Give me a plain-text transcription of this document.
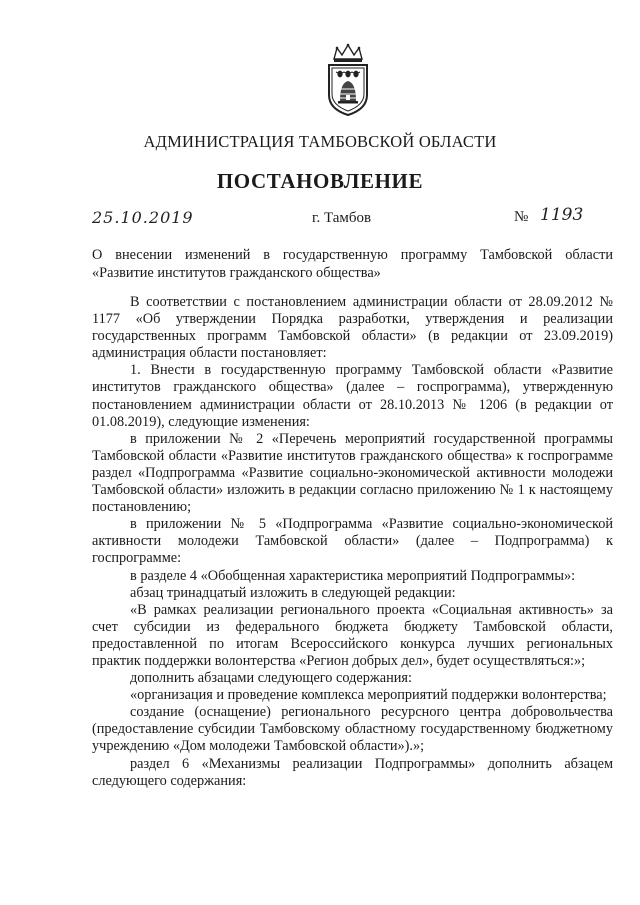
АДМИНИСТРАЦИЯ ТАМБОВСКОЙ ОБЛАСТИ
ПОСТАНОВЛЕНИЕ
25.10.2019	г. Тамбов	№ 1193
О внесении изменений в государственную программу Тамбовской области «Развитие институтов гражданского общества»

В соответствии с постановлением администрации области от 28.09.2012 № 1177 «Об утверждении Порядка разработки, утверждения и реализации государственных программ Тамбовской области» (в редакции от 23.09.2019) администрация области постановляет:

1. Внести в государственную программу Тамбовской области «Развитие институтов гражданского общества» (далее – госпрограмма), утвержденную постановлением администрации области от 28.10.2013 № 1206 (в редакции от 01.08.2019), следующие изменения:

в приложении № 2 «Перечень мероприятий государственной программы Тамбовской области «Развитие институтов гражданского общества» к госпрограмме раздел «Подпрограмма «Развитие социально-экономической активности молодежи Тамбовской области» изложить в редакции согласно приложению № 1 к настоящему постановлению;

в приложении № 5 «Подпрограмма «Развитие социально-экономической активности молодежи Тамбовской области» (далее – Подпрограмма) к госпрограмме:

в разделе 4 «Обобщенная характеристика мероприятий Подпрограммы»:

абзац тринадцатый изложить в следующей редакции:

«В рамках реализации регионального проекта «Социальная активность» за счет субсидии из федерального бюджета бюджету Тамбовской области, предоставленной по итогам Всероссийского конкурса лучших региональных практик поддержки волонтерства «Регион добрых дел», будет осуществляться:»;

дополнить абзацами следующего содержания:

«организация и проведение комплекса мероприятий поддержки волонтерства;

создание (оснащение) регионального ресурсного центра добровольчества (предоставление субсидии Тамбовскому областному государственному бюджетному учреждению «Дом молодежи Тамбовской области»).»;

раздел 6 «Механизмы реализации Подпрограммы» дополнить абзацем следующего содержания:
